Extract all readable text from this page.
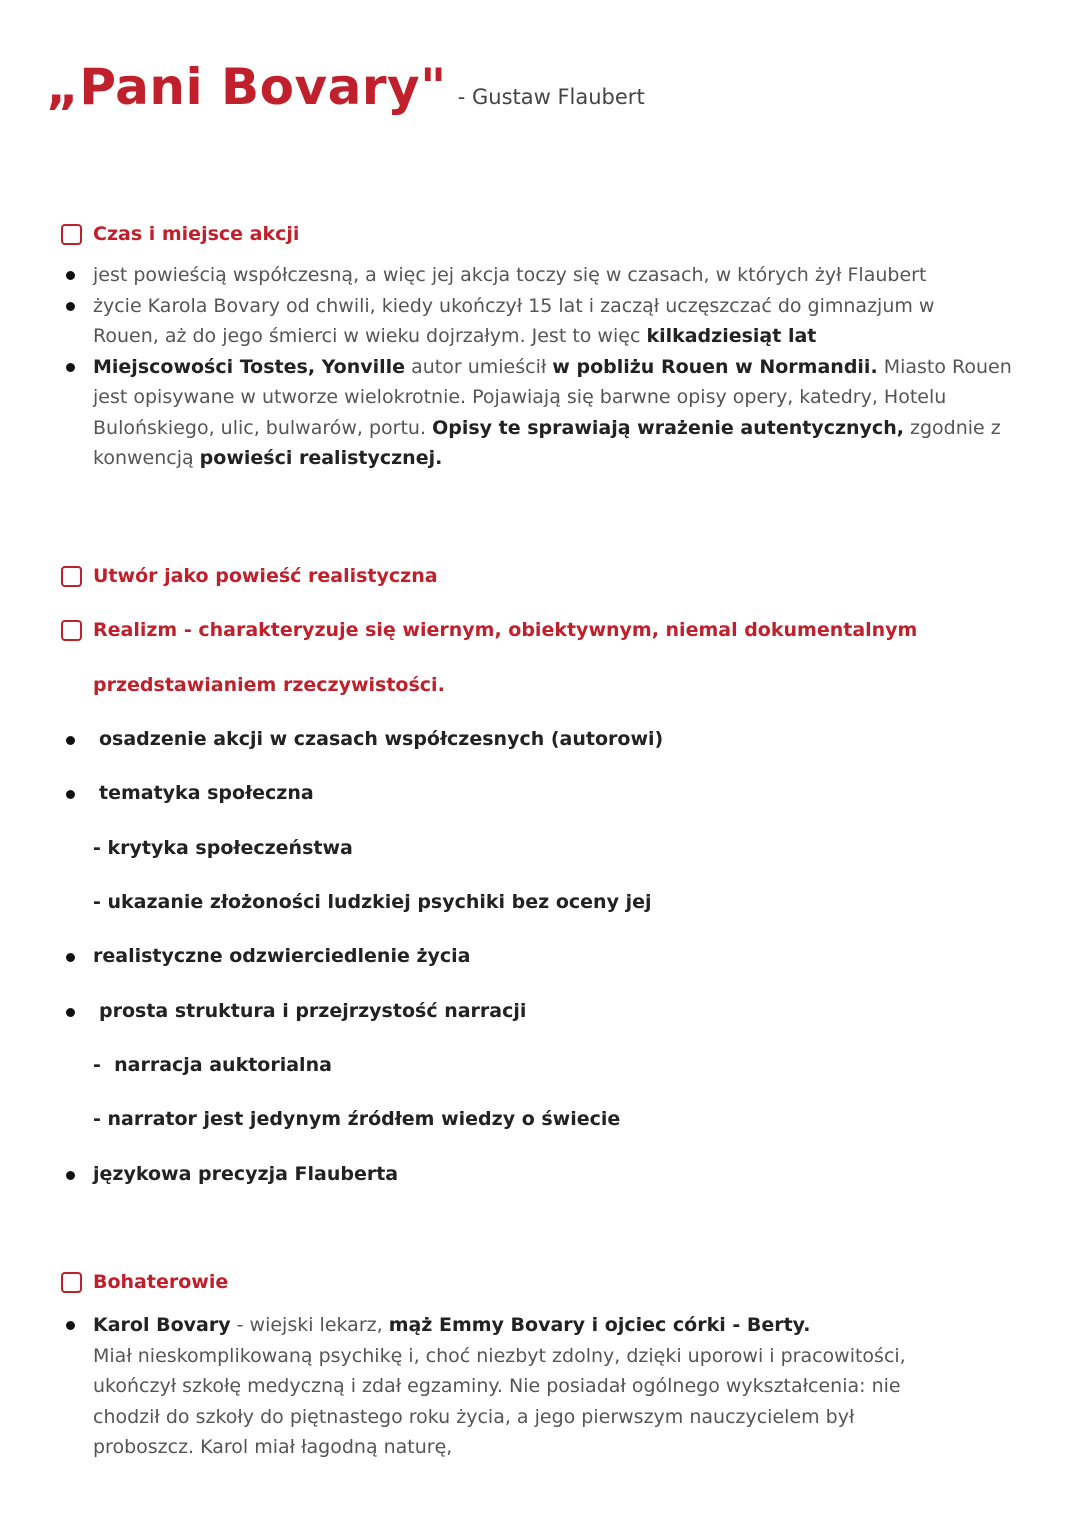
„Pani Bovary" - Gustaw Flaubert
Czas i miejsce akcji
jest powieścią współczesną, a więc jej akcja toczy się w czasach, w których żył Flaubert
życie Karola Bovary od chwili, kiedy ukończył 15 lat i zaczął uczęszczać do gimnazjum w
Rouen, aż do jego śmierci w wieku dojrzałym. Jest to więc kilkadziesiąt lat
Miejscowości Tostes, Yonville autor umieścił w pobliżu Rouen w Normandii. Miasto Rouen
jest opisywane w utworze wielokrotnie. Pojawiają się barwne opisy opery, katedry, Hotelu
Bulońskiego, ulic, bulwarów, portu. Opisy te sprawiają wrażenie autentycznych, zgodnie z
konwencją powieści realistycznej.
Utwór jako powieść realistyczna
Realizm - charakteryzuje się wiernym, obiektywnym, niemal dokumentalnym
przedstawianiem rzeczywistości.
osadzenie akcji w czasach współczesnych (autorowi)
tematyka społeczna
- krytyka społeczeństwa
- ukazanie złożoności ludzkiej psychiki bez oceny jej
realistyczne odzwierciedlenie życia
prosta struktura i przejrzystość narracji
-  narracja auktorialna
- narrator jest jedynym źródłem wiedzy o świecie
językowa precyzja Flauberta
Bohaterowie
Karol Bovary - wiejski lekarz, mąż Emmy Bovary i ojciec córki - Berty.
Miał nieskomplikowaną psychikę i, choć niezbyt zdolny, dzięki uporowi i pracowitości,
ukończył szkołę medyczną i zdał egzaminy. Nie posiadał ogólnego wykształcenia: nie
chodził do szkoły do piętnastego roku życia, a jego pierwszym nauczycielem był
proboszcz. Karol miał łagodną naturę,
